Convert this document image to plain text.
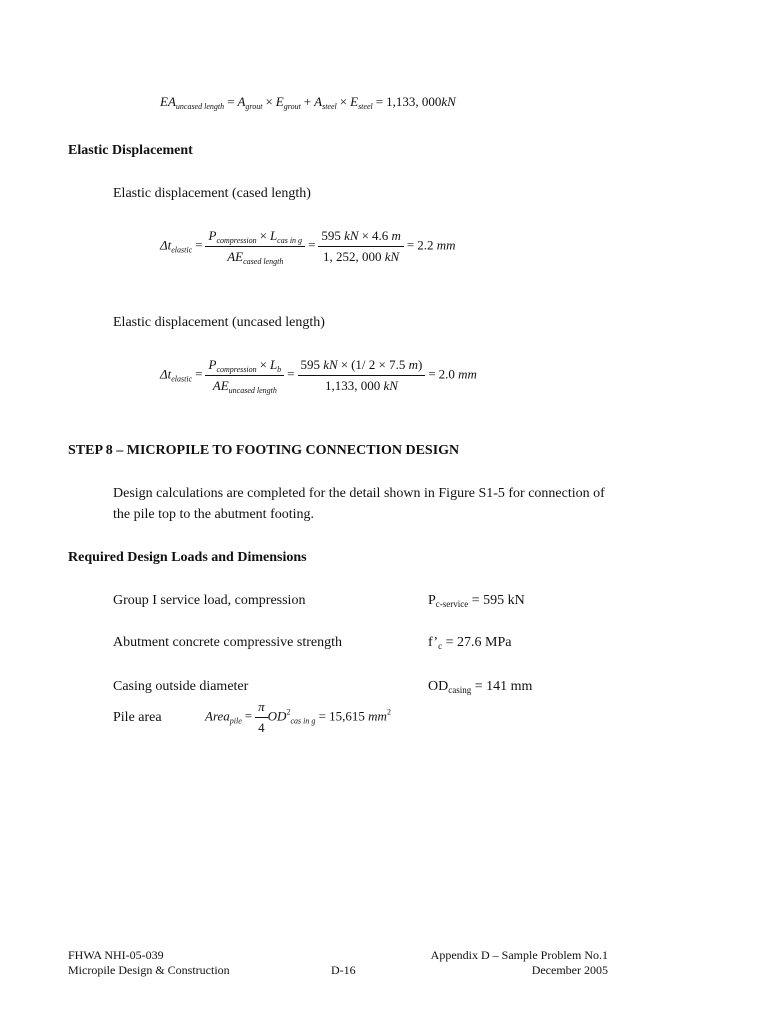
$EA_{uncased length} = A_{grout} \times E_{grout} + A_{steel} \times E_{steel} = 1,133$, 000kN
Elastic Displacement
Elastic displacement (cased length)
$\Delta t_{elastic} = \frac{P_{compression} \times L_{cas in g}}{AE_{cased length}} = \frac{595 kN \times 4.6 m}{1, 252, 000 kN} = 2.2$ mm
Elastic displacement (uncased length)
$\Delta t_{elastic} = \frac{P_{compression} \times L_b}{AE_{uncased length}} = \frac{595 kN \times (1/ 2 \times 7.5 m)}{1,133, 000 kN} = 2.0$ mm
STEP 8 – MICROPILE TO FOOTING CONNECTION DESIGN
Design calculations are completed for the detail shown in Figure S1-5 for connection of
the pile top to the abutment footing.
Required Design Loads and Dimensions
Group I service load, compression	$P_{c-service} = 595$ kN
Abutment concrete compressive strength	$f’_c = 27.6$ MPa
Casing outside diameter	$OD_{casing} = 141$ mm
Pile area	Area$_{pile}$ = $\frac{\pi}{4} OD^2_{cas in g} = 15,615$ $mm^2$
FHWA NHI-05-039
Micropile Design & Construction	D-16
Appendix D – Sample Problem No.1
December 2005
